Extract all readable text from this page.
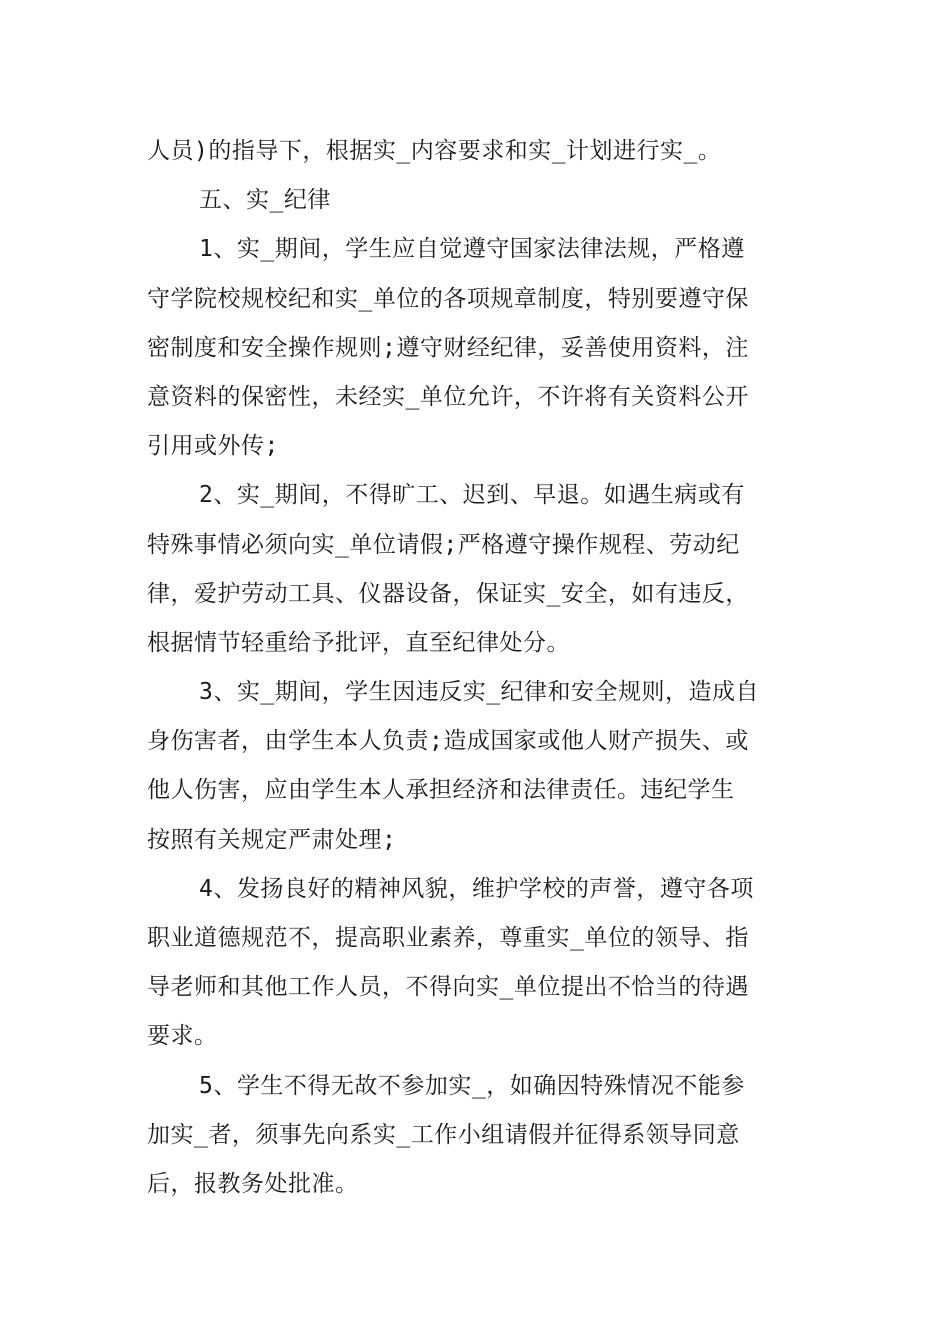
人员)的指导下，根据实_内容要求和实_计划进行实_。
五、实_纪律
1、实_期间，学生应自觉遵守国家法律法规，严格遵
守学院校规校纪和实_单位的各项规章制度，特别要遵守保
密制度和安全操作规则;遵守财经纪律，妥善使用资料，注
意资料的保密性，未经实_单位允许，不许将有关资料公开
引用或外传;
2、实_期间，不得旷工、迟到、早退。如遇生病或有
特殊事情必须向实_单位请假;严格遵守操作规程、劳动纪
律，爱护劳动工具、仪器设备，保证实_安全，如有违反，
根据情节轻重给予批评，直至纪律处分。
3、实_期间，学生因违反实_纪律和安全规则，造成自
身伤害者，由学生本人负责;造成国家或他人财产损失、或
他人伤害，应由学生本人承担经济和法律责任。违纪学生
按照有关规定严肃处理;
4、发扬良好的精神风貌，维护学校的声誉，遵守各项
职业道德规范不，提高职业素养，尊重实_单位的领导、指
导老师和其他工作人员，不得向实_单位提出不恰当的待遇
要求。
5、学生不得无故不参加实_，如确因特殊情况不能参
加实_者，须事先向系实_工作小组请假并征得系领导同意
后，报教务处批准。
